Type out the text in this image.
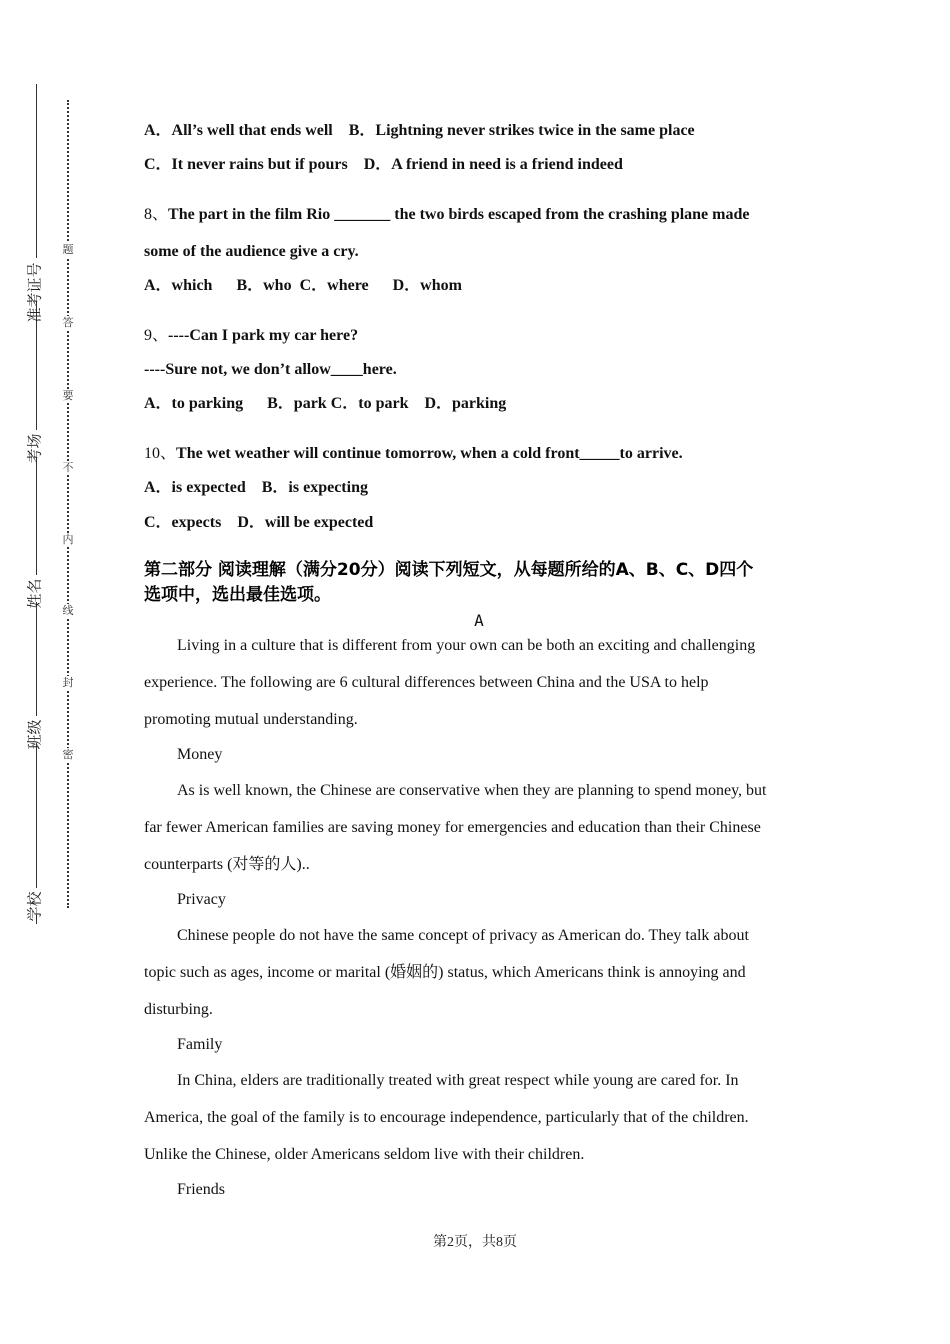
准考证号
考场
姓名
班级
学校
题
答
要
不
内
线
封
密

A．All’s well that ends well    B．Lightning never strikes twice in the same place

C．It never rains but if pours    D．A friend in need is a friend indeed

8、The part in the film Rio _______ the two birds escaped from the crashing plane made

some of the audience give a cry.

A．which      B．who  C．where      D．whom

9、----Can I park my car here?

----Sure not, we don’t allow____here.

A．to parking      B．park C．to park    D．parking

10、The wet weather will continue tomorrow, when a cold front_____to arrive.

A．is expected    B．is expecting

C．expects    D．will be expected

第二部分 阅读理解（满分20分）阅读下列短文，从每题所给的A、B、C、D四个

选项中，选出最佳选项。

A

Living in a culture that is different from your own can be both an exciting and challenging

experience. The following are 6 cultural differences between China and the USA to help

promoting mutual understanding.

Money

As is well known, the Chinese are conservative when they are planning to spend money, but

far fewer American families are saving money for emergencies and education than their Chinese

counterparts (对等的人)..

Privacy

Chinese people do not have the same concept of privacy as American do. They talk about

topic such as ages, income or marital (婚姻的) status, which Americans think is annoying and

disturbing.

Family

In China, elders are traditionally treated with great respect while young are cared for. In

America, the goal of the family is to encourage independence, particularly that of the children.

Unlike the Chinese, older Americans seldom live with their children.

Friends

第2页，共8页
